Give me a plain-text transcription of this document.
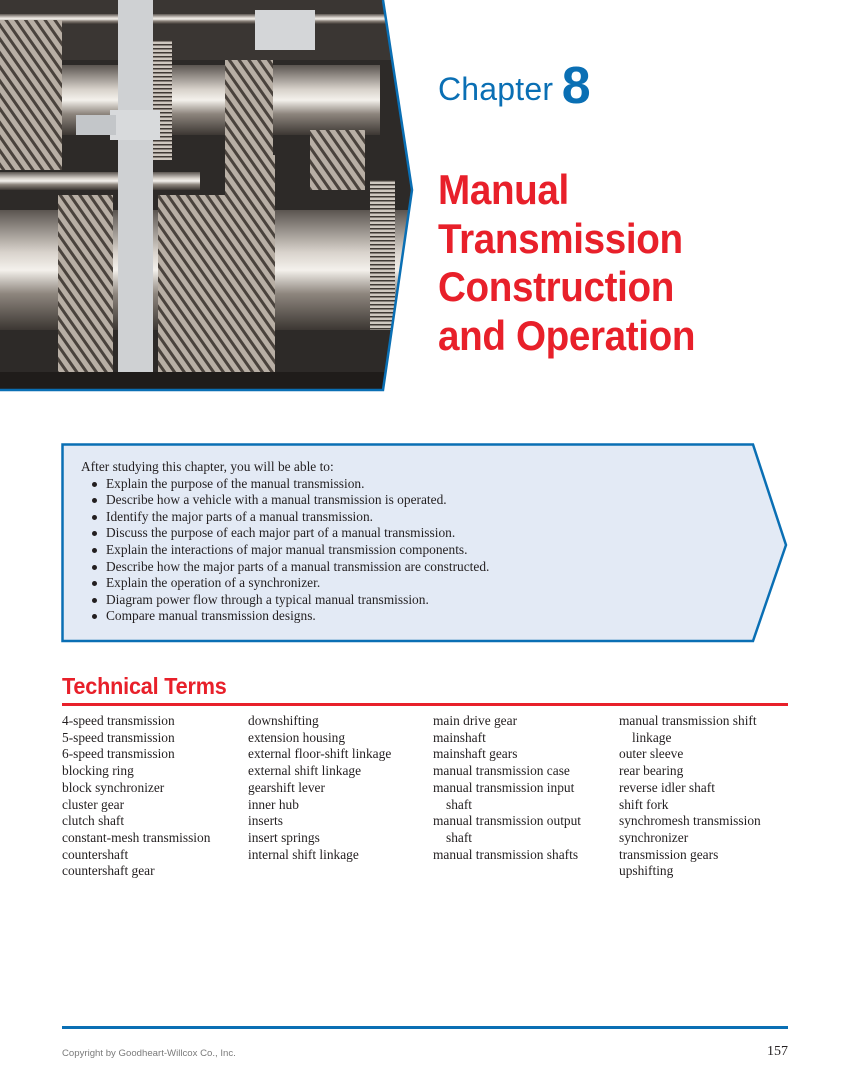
Chapter 8
Manual
Transmission
Construction
and Operation
After studying this chapter, you will be able to:
Explain the purpose of the manual transmission.
Describe how a vehicle with a manual transmission is operated.
Identify the major parts of a manual transmission.
Discuss the purpose of each major part of a manual transmission.
Explain the interactions of major manual transmission components.
Describe how the major parts of a manual transmission are constructed.
Explain the operation of a synchronizer.
Diagram power flow through a typical manual transmission.
Compare manual transmission designs.
Technical Terms
4-speed transmission
5-speed transmission
6-speed transmission
blocking ring
block synchronizer
cluster gear
clutch shaft
constant-mesh transmission
countershaft
countershaft gear
downshifting
extension housing
external floor-shift linkage
external shift linkage
gearshift lever
inner hub
inserts
insert springs
internal shift linkage
main drive gear
mainshaft
mainshaft gears
manual transmission case
manual transmission input
shaft
manual transmission output
shaft
manual transmission shafts
manual transmission shift
linkage
outer sleeve
rear bearing
reverse idler shaft
shift fork
synchromesh transmission
synchronizer
transmission gears
upshifting
Copyright by Goodheart-Willcox Co., Inc.	157
